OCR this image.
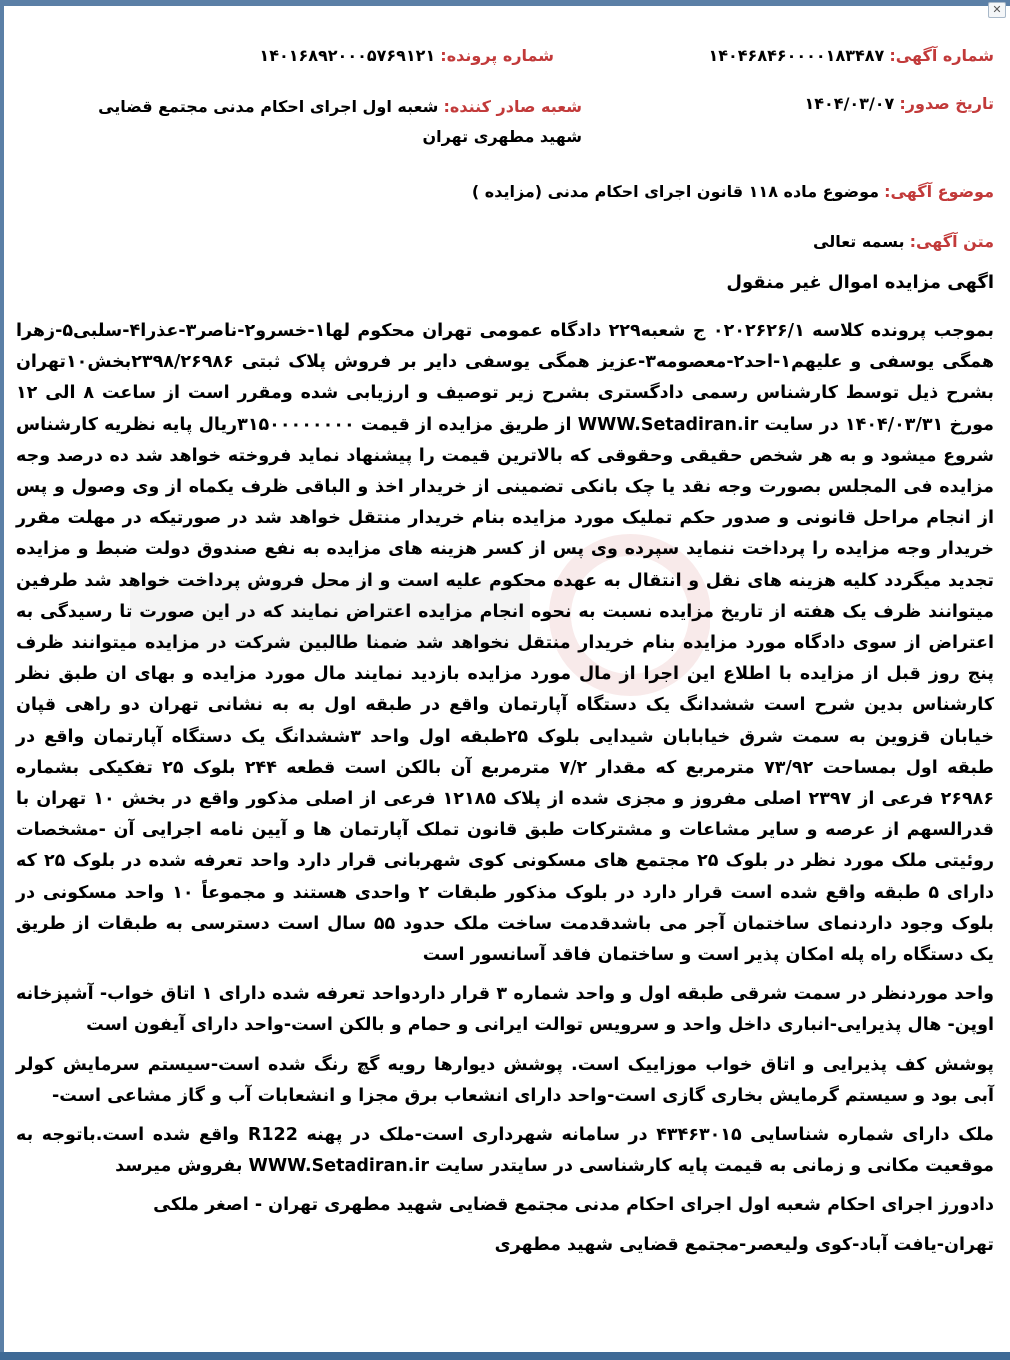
✕
شماره آگهی: ۱۴۰۴۶۸۴۶۰۰۰۰۱۸۳۴۸۷
شماره پرونده: ۱۴۰۱۶۸۹۲۰۰۰۵۷۶۹۱۲۱
تاریخ صدور: ۱۴۰۴/۰۳/۰۷
شعبه صادر کننده: شعبه اول اجرای احکام مدنی مجتمع قضایی شهید مطهری تهران
موضوع آگهی: موضوع ماده ۱۱۸ قانون اجرای احکام مدنی (مزایده )
متن آگهی: بسمه تعالی
اگهی مزایده اموال غیر منقول

بموجب پرونده کلاسه ۰۲۰۲۶۲۶/۱ ج شعبه۲۲۹ دادگاه عمومی تهران محکوم لها۱-خسرو۲-ناصر۳-عذرا۴-سلبی۵-زهرا همگی یوسفی و علیهم۱-احد۲-معصومه۳-عزیز همگی یوسفی دایر بر فروش پلاک ثبتی ۲۳۹۸/۲۶۹۸۶بخش۱۰تهران بشرح ذیل توسط کارشناس رسمی دادگستری بشرح زیر توصیف و ارزیابی شده ومقرر است از ساعت ۸ الی ۱۲ مورخ ۱۴۰۴/۰۳/۳۱ در سایت WWW.Setadiran.ir از طریق مزایده از قیمت ۳۱۵۰۰۰۰۰۰۰۰ریال پایه نظریه کارشناس شروع میشود و به هر شخص حقیقی وحقوقی که بالاترین قیمت را پیشنهاد نماید فروخته خواهد شد ده درصد وجه مزایده فی المجلس بصورت وجه نقد یا چک بانکی تضمینی از خریدار اخذ و الباقی ظرف یکماه از وی وصول و پس از انجام مراحل قانونی و صدور حکم تملیک مورد مزایده بنام خریدار منتقل خواهد شد در صورتیکه در مهلت مقرر خریدار وجه مزایده را پرداخت ننماید سپرده وی پس از کسر هزینه های مزایده به نفع صندوق دولت ضبط و مزایده تجدید میگردد کلیه هزینه های نقل و انتقال به عهده محکوم علیه است و از محل فروش پرداخت خواهد شد طرفین میتوانند ظرف یک هفته از تاریخ مزایده نسبت به نحوه انجام مزایده اعتراض نمایند که در این صورت تا رسیدگی به اعتراض از سوی دادگاه مورد مزایده بنام خریدار منتقل نخواهد شد ضمنا طالبین شرکت در مزایده میتوانند ظرف پنج روز قبل از مزایده با اطلاع این اجرا از مال مورد مزایده بازدید نمایند مال مورد مزایده و بهای ان طبق نظر کارشناس بدین شرح است ششدانگ یک دستگاه آپارتمان واقع در طبقه اول به به نشانی تهران دو راهی قپان خیابان قزوین به سمت شرق خیابابان شیدایی بلوک ۲۵طبقه اول واحد ۳ششدانگ یک دستگاه آپارتمان واقع در طبقه اول بمساحت ۷۳/۹۲ مترمربع که مقدار ۷/۲ مترمربع آن بالکن است قطعه ۲۴۴ بلوک ۲۵ تفکیکی بشماره ۲۶۹۸۶ فرعی از ۲۳۹۷ اصلی مفروز و مجزی شده از پلاک ۱۲۱۸۵ فرعی از اصلی مذکور واقع در بخش ۱۰ تهران با قدرالسهم از عرصه و سایر مشاعات و مشترکات طبق قانون تملک آپارتمان ها و آیین نامه اجرایی آن -مشخصات روئیتی ملک مورد نظر در بلوک ۲۵ مجتمع های مسکونی کوی شهربانی قرار دارد واحد تعرفه شده در بلوک ۲۵ که دارای ۵ طبقه واقع شده است قرار دارد در بلوک مذکور طبقات ۲ واحدی هستند و مجموعاً ۱۰ واحد مسکونی در بلوک وجود داردنمای ساختمان آجر می باشدقدمت ساخت ملک حدود ۵۵ سال است دسترسی به طبقات از طریق یک دستگاه راه پله امکان پذیر است و ساختمان فاقد آسانسور است

واحد موردنظر در سمت شرقی طبقه اول و واحد شماره ۳ قرار داردواحد تعرفه شده دارای ۱ اتاق خواب- آشپزخانه اوپن- هال پذیرایی-انباری داخل واحد و سرویس توالت ایرانی و حمام و بالکن است-واحد دارای آیفون است

پوشش کف پذیرایی و اتاق خواب موزاییک است. پوشش دیوارها رویه گچ رنگ شده است-سیستم سرمایش کولر آبی بود و سیستم گرمایش بخاری گازی است-واحد دارای انشعاب برق مجزا و انشعابات آب و گاز مشاعی است-

ملک دارای شماره شناسایی ۴۳۴۶۳۰۱۵ در سامانه شهرداری است-ملک در پهنه R122 واقع شده است.باتوجه به موقعیت مکانی و زمانی به قیمت پایه کارشناسی در سایتدر سایت WWW.Setadiran.ir بفروش میرسد

دادورز اجرای احکام شعبه اول اجرای احکام مدنی مجتمع قضایی شهید مطهری تهران - اصغر ملکی

تهران-یافت آباد-کوی ولیعصر-مجتمع قضایی شهید مطهری
